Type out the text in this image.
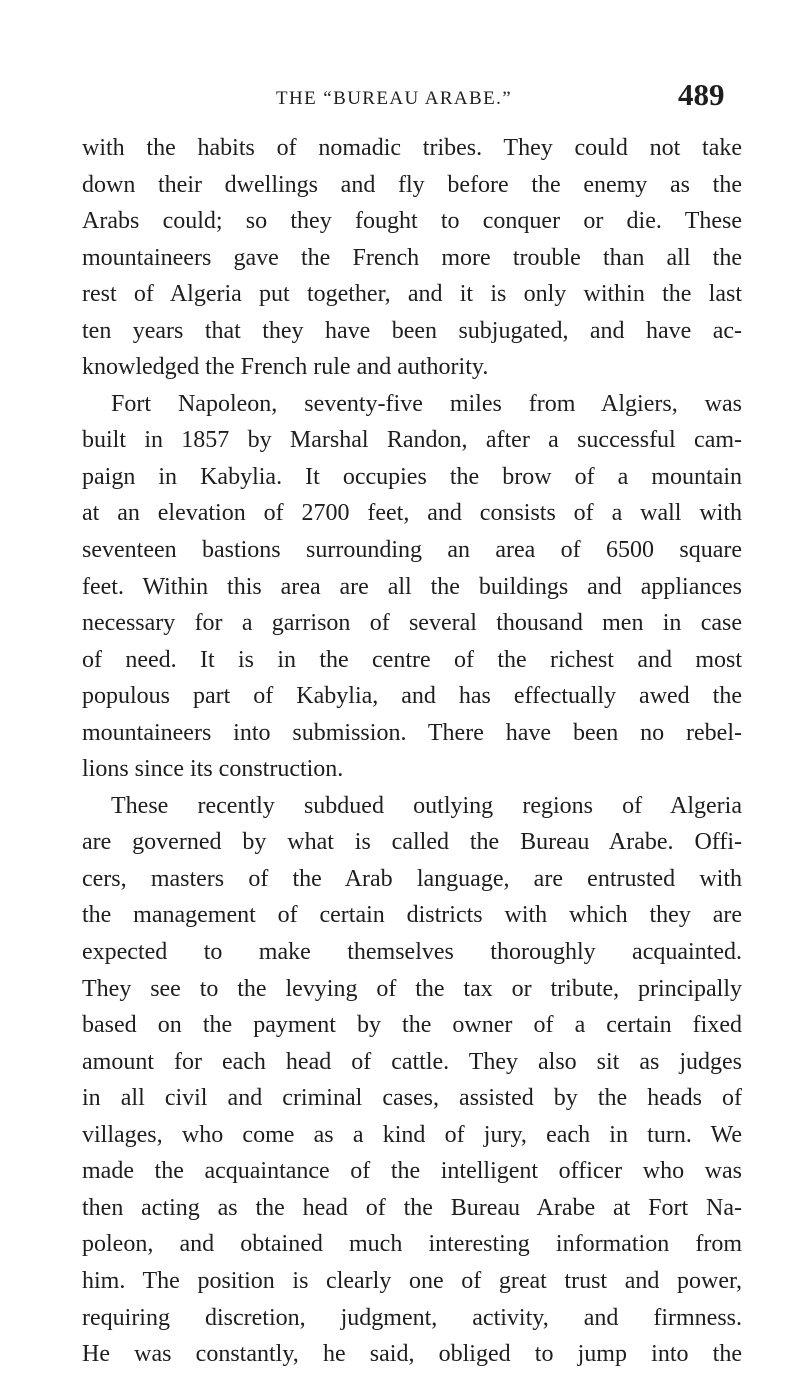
THE “BUREAU ARABE.”	489
with the habits of nomadic tribes. They could not take
down their dwellings and fly before the enemy as the
Arabs could; so they fought to conquer or die. These
mountaineers gave the French more trouble than all the
rest of Algeria put together, and it is only within the last
ten years that they have been subjugated, and have ac-
knowledged the French rule and authority.
Fort Napoleon, seventy-five miles from Algiers, was
built in 1857 by Marshal Randon, after a successful cam-
paign in Kabylia. It occupies the brow of a mountain
at an elevation of 2700 feet, and consists of a wall with
seventeen bastions surrounding an area of 6500 square
feet. Within this area are all the buildings and appliances
necessary for a garrison of several thousand men in case
of need. It is in the centre of the richest and most
populous part of Kabylia, and has effectually awed the
mountaineers into submission. There have been no rebel-
lions since its construction.
These recently subdued outlying regions of Algeria
are governed by what is called the Bureau Arabe. Offi-
cers, masters of the Arab language, are entrusted with
the management of certain districts with which they are
expected to make themselves thoroughly acquainted.
They see to the levying of the tax or tribute, principally
based on the payment by the owner of a certain fixed
amount for each head of cattle. They also sit as judges
in all civil and criminal cases, assisted by the heads of
villages, who come as a kind of jury, each in turn. We
made the acquaintance of the intelligent officer who was
then acting as the head of the Bureau Arabe at Fort Na-
poleon, and obtained much interesting information from
him. The position is clearly one of great trust and power,
requiring discretion, judgment, activity, and firmness.
He was constantly, he said, obliged to jump into the
